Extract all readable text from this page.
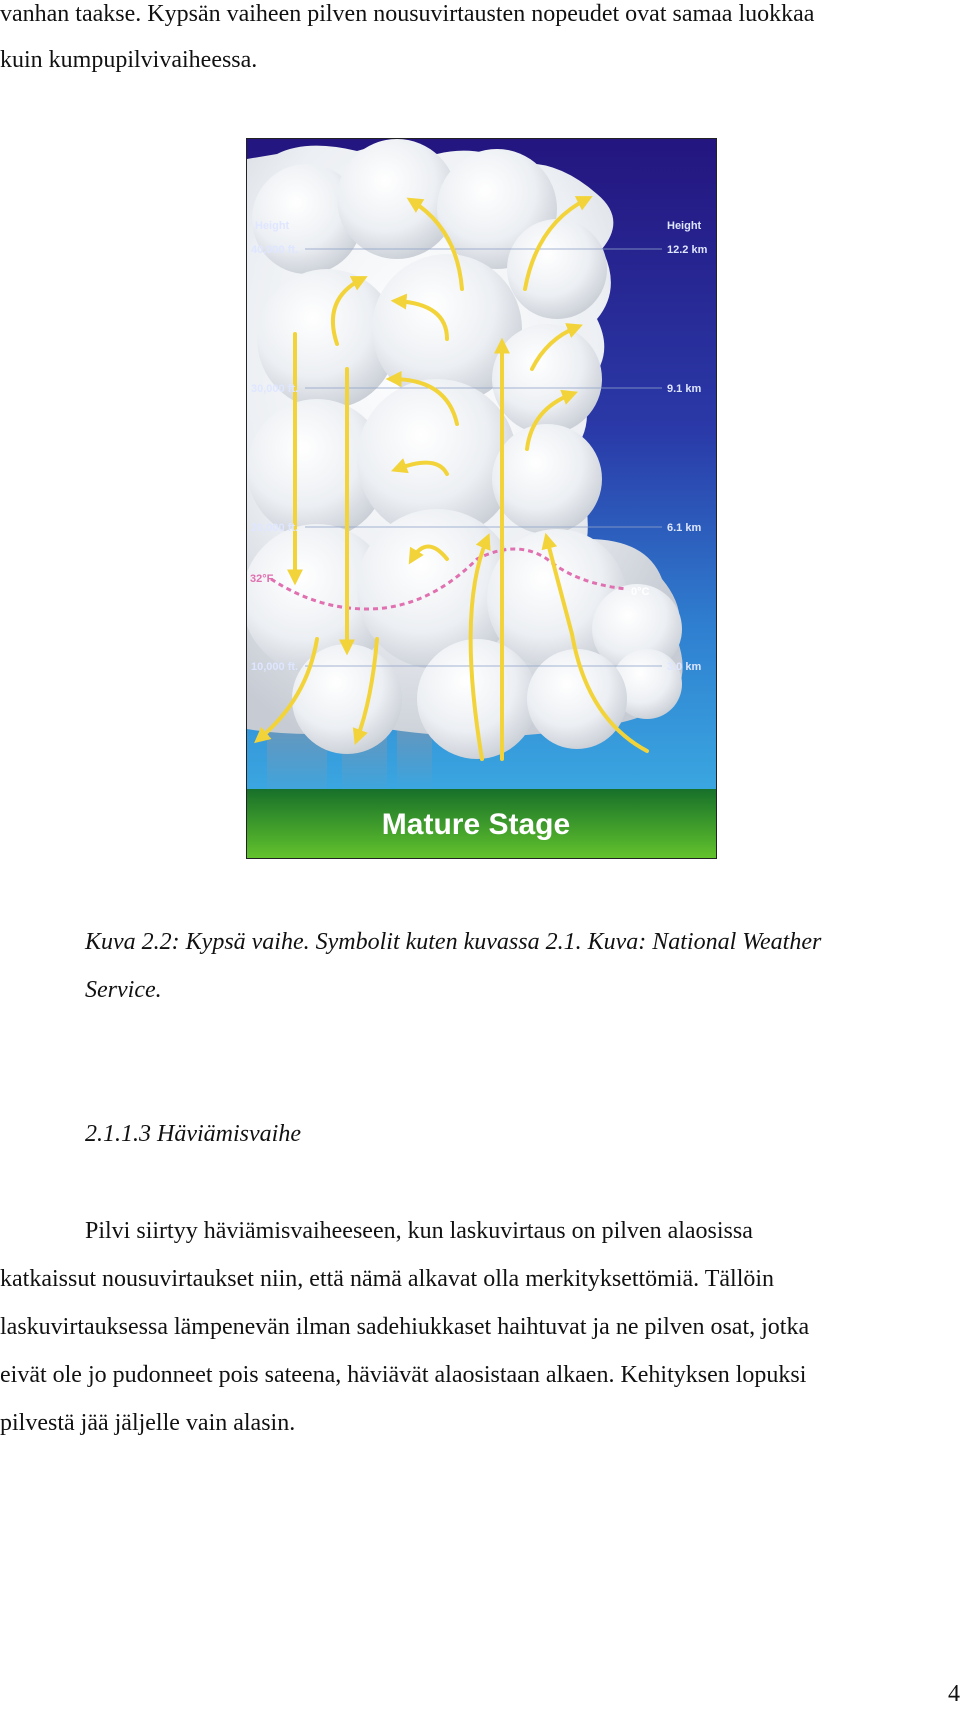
vanhan taakse. Kypsän vaiheen pilven nousuvirtausten nopeudet ovat samaa luokkaa
kuin kumpupilvivaiheessa.
Height
40,000 ft.
30,000 ft.
20,000 ft.
10,000 ft.
Height
12.2 km
9.1 km
6.1 km
3.0 km
32°F
0°C
Mature Stage
Kuva 2.2: Kypsä vaihe. Symbolit kuten kuvassa 2.1. Kuva: National Weather
Service.
2.1.1.3 Häviämisvaihe
Pilvi siirtyy häviämisvaiheeseen, kun laskuvirtaus on pilven alaosissa
katkaissut nousuvirtaukset niin, että nämä alkavat olla merkityksettömiä. Tällöin
laskuvirtauksessa lämpenevän ilman sadehiukkaset haihtuvat ja ne pilven osat, jotka
eivät ole jo pudonneet pois sateena, häviävät alaosistaan alkaen. Kehityksen lopuksi
pilvestä jää jäljelle vain alasin.
4
